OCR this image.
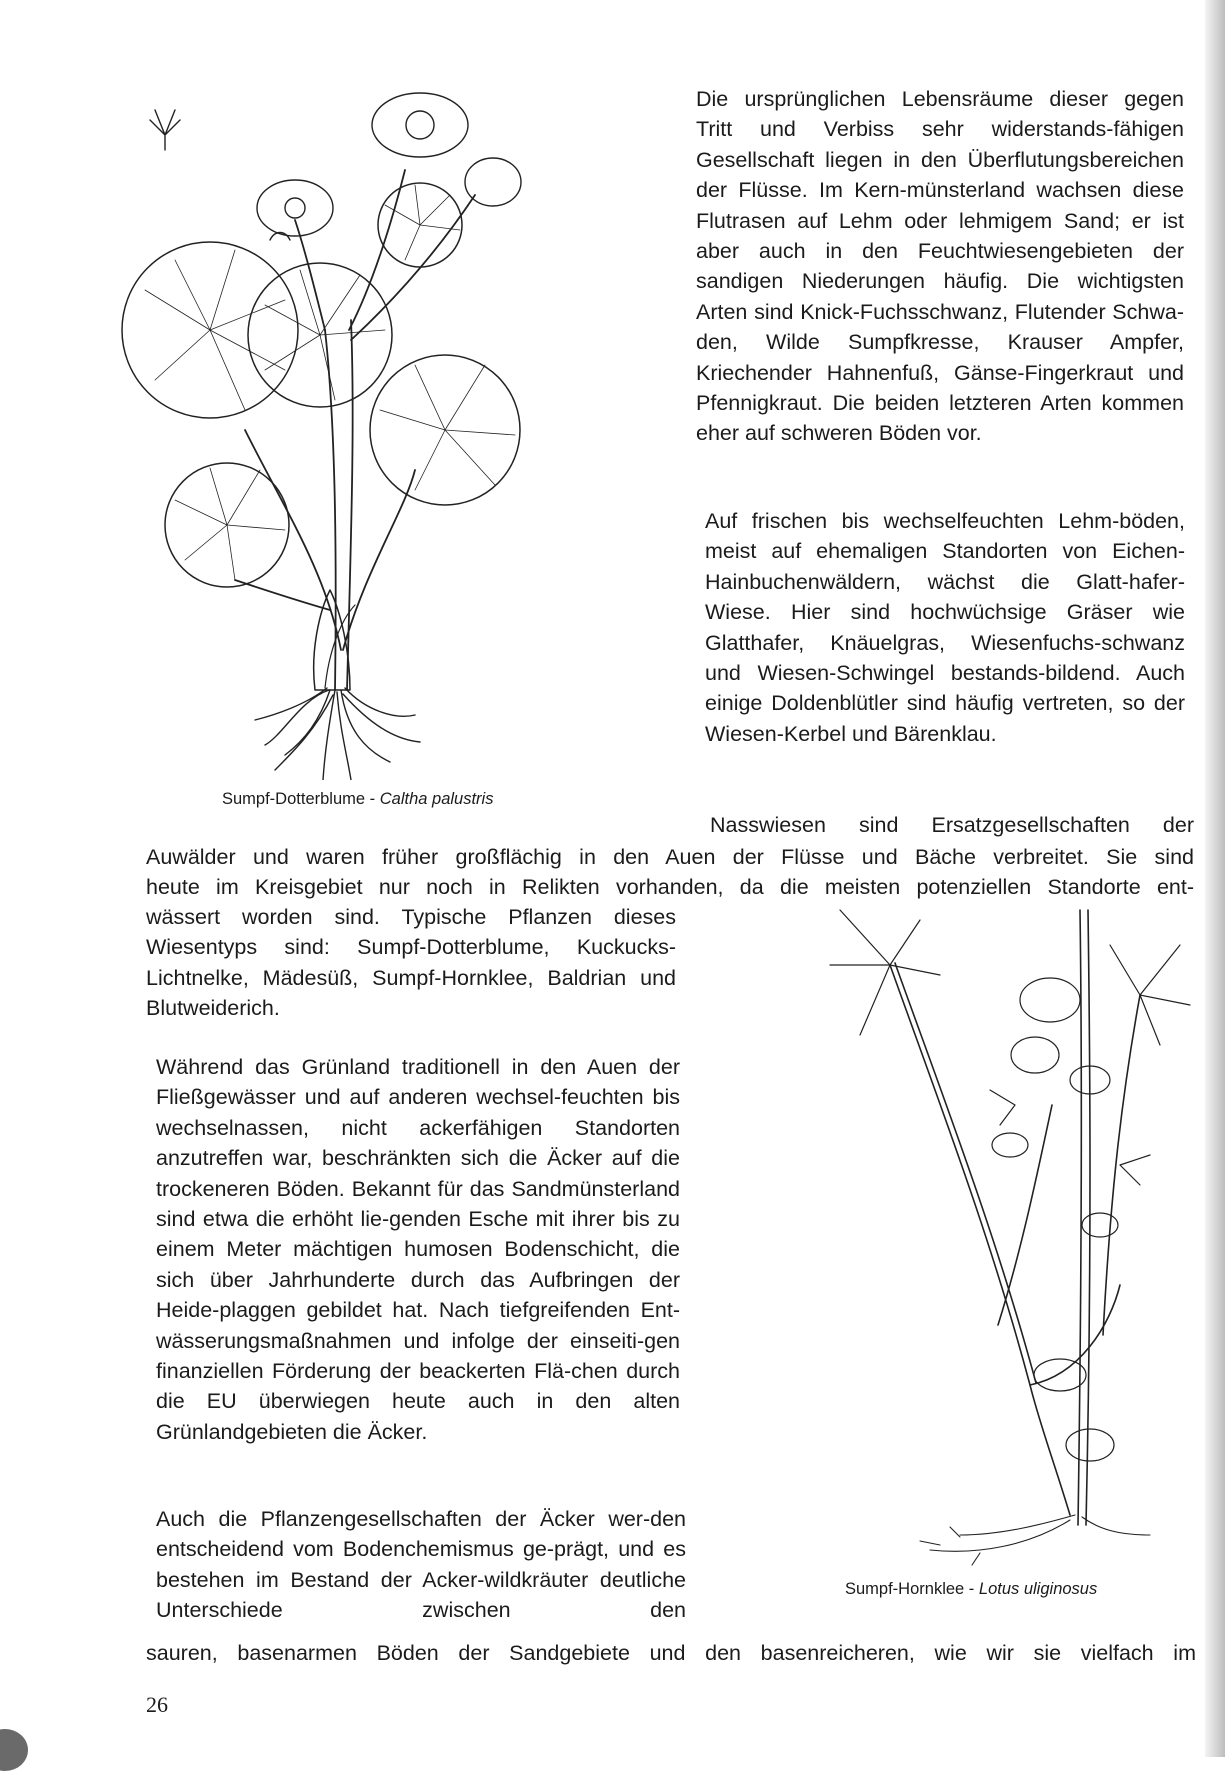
Sumpf-Dotterblume - Caltha palustris

Die ursprünglichen Lebensräume dieser gegen Tritt und Verbiss sehr widerstands-fähigen Gesellschaft liegen in den Überflutungsbereichen der Flüsse. Im Kern-münsterland wachsen diese Flutrasen auf Lehm oder lehmigem Sand; er ist aber auch in den Feuchtwiesengebieten der sandigen Niederungen häufig. Die wichtigsten Arten sind Knick-Fuchsschwanz, Flutender Schwa-den, Wilde Sumpfkresse, Krauser Ampfer, Kriechender Hahnenfuß, Gänse-Fingerkraut und Pfennigkraut. Die beiden letzteren Arten kommen eher auf schweren Böden vor.

Auf frischen bis wechselfeuchten Lehm-böden, meist auf ehemaligen Standorten von Eichen-Hainbuchenwäldern, wächst die Glatt-hafer-Wiese. Hier sind hochwüchsige Gräser wie Glatthafer, Knäuelgras, Wiesenfuchs-schwanz und Wiesen-Schwingel bestands-bildend. Auch einige Doldenblütler sind häufig vertreten, so der Wiesen-Kerbel und Bärenklau.

Nasswiesen sind Ersatzgesellschaften der

Auwälder und waren früher großflächig in den Auen der Flüsse und Bäche verbreitet. Sie sind

heute im Kreisgebiet nur noch in Relikten vorhanden, da die meisten potenziellen Standorte ent-

wässert worden sind. Typische Pflanzen dieses Wiesentyps sind: Sumpf-Dotterblume, Kuckucks-Lichtnelke, Mädesüß, Sumpf-Hornklee, Baldrian und Blutweiderich.

Während das Grünland traditionell in den Auen der Fließgewässer und auf anderen wechsel-feuchten bis wechselnassen, nicht ackerfähigen Standorten anzutreffen war, beschränkten sich die Äcker auf die trockeneren Böden. Bekannt für das Sandmünsterland sind etwa die erhöht lie-genden Esche mit ihrer bis zu einem Meter mächtigen humosen Bodenschicht, die sich über Jahrhunderte durch das Aufbringen der Heide-plaggen gebildet hat. Nach tiefgreifenden Ent-wässerungsmaßnahmen und infolge der einseiti-gen finanziellen Förderung der beackerten Flä-chen durch die EU überwiegen heute auch in den alten Grünlandgebieten die Äcker.

Auch die Pflanzengesellschaften der Äcker wer-den entscheidend vom Bodenchemismus ge-prägt, und es bestehen im Bestand der Acker-wildkräuter deutliche Unterschiede zwischen den

sauren, basenarmen Böden der Sandgebiete und den basenreicheren, wie wir sie vielfach im

Sumpf-Hornklee - Lotus uliginosus

26
